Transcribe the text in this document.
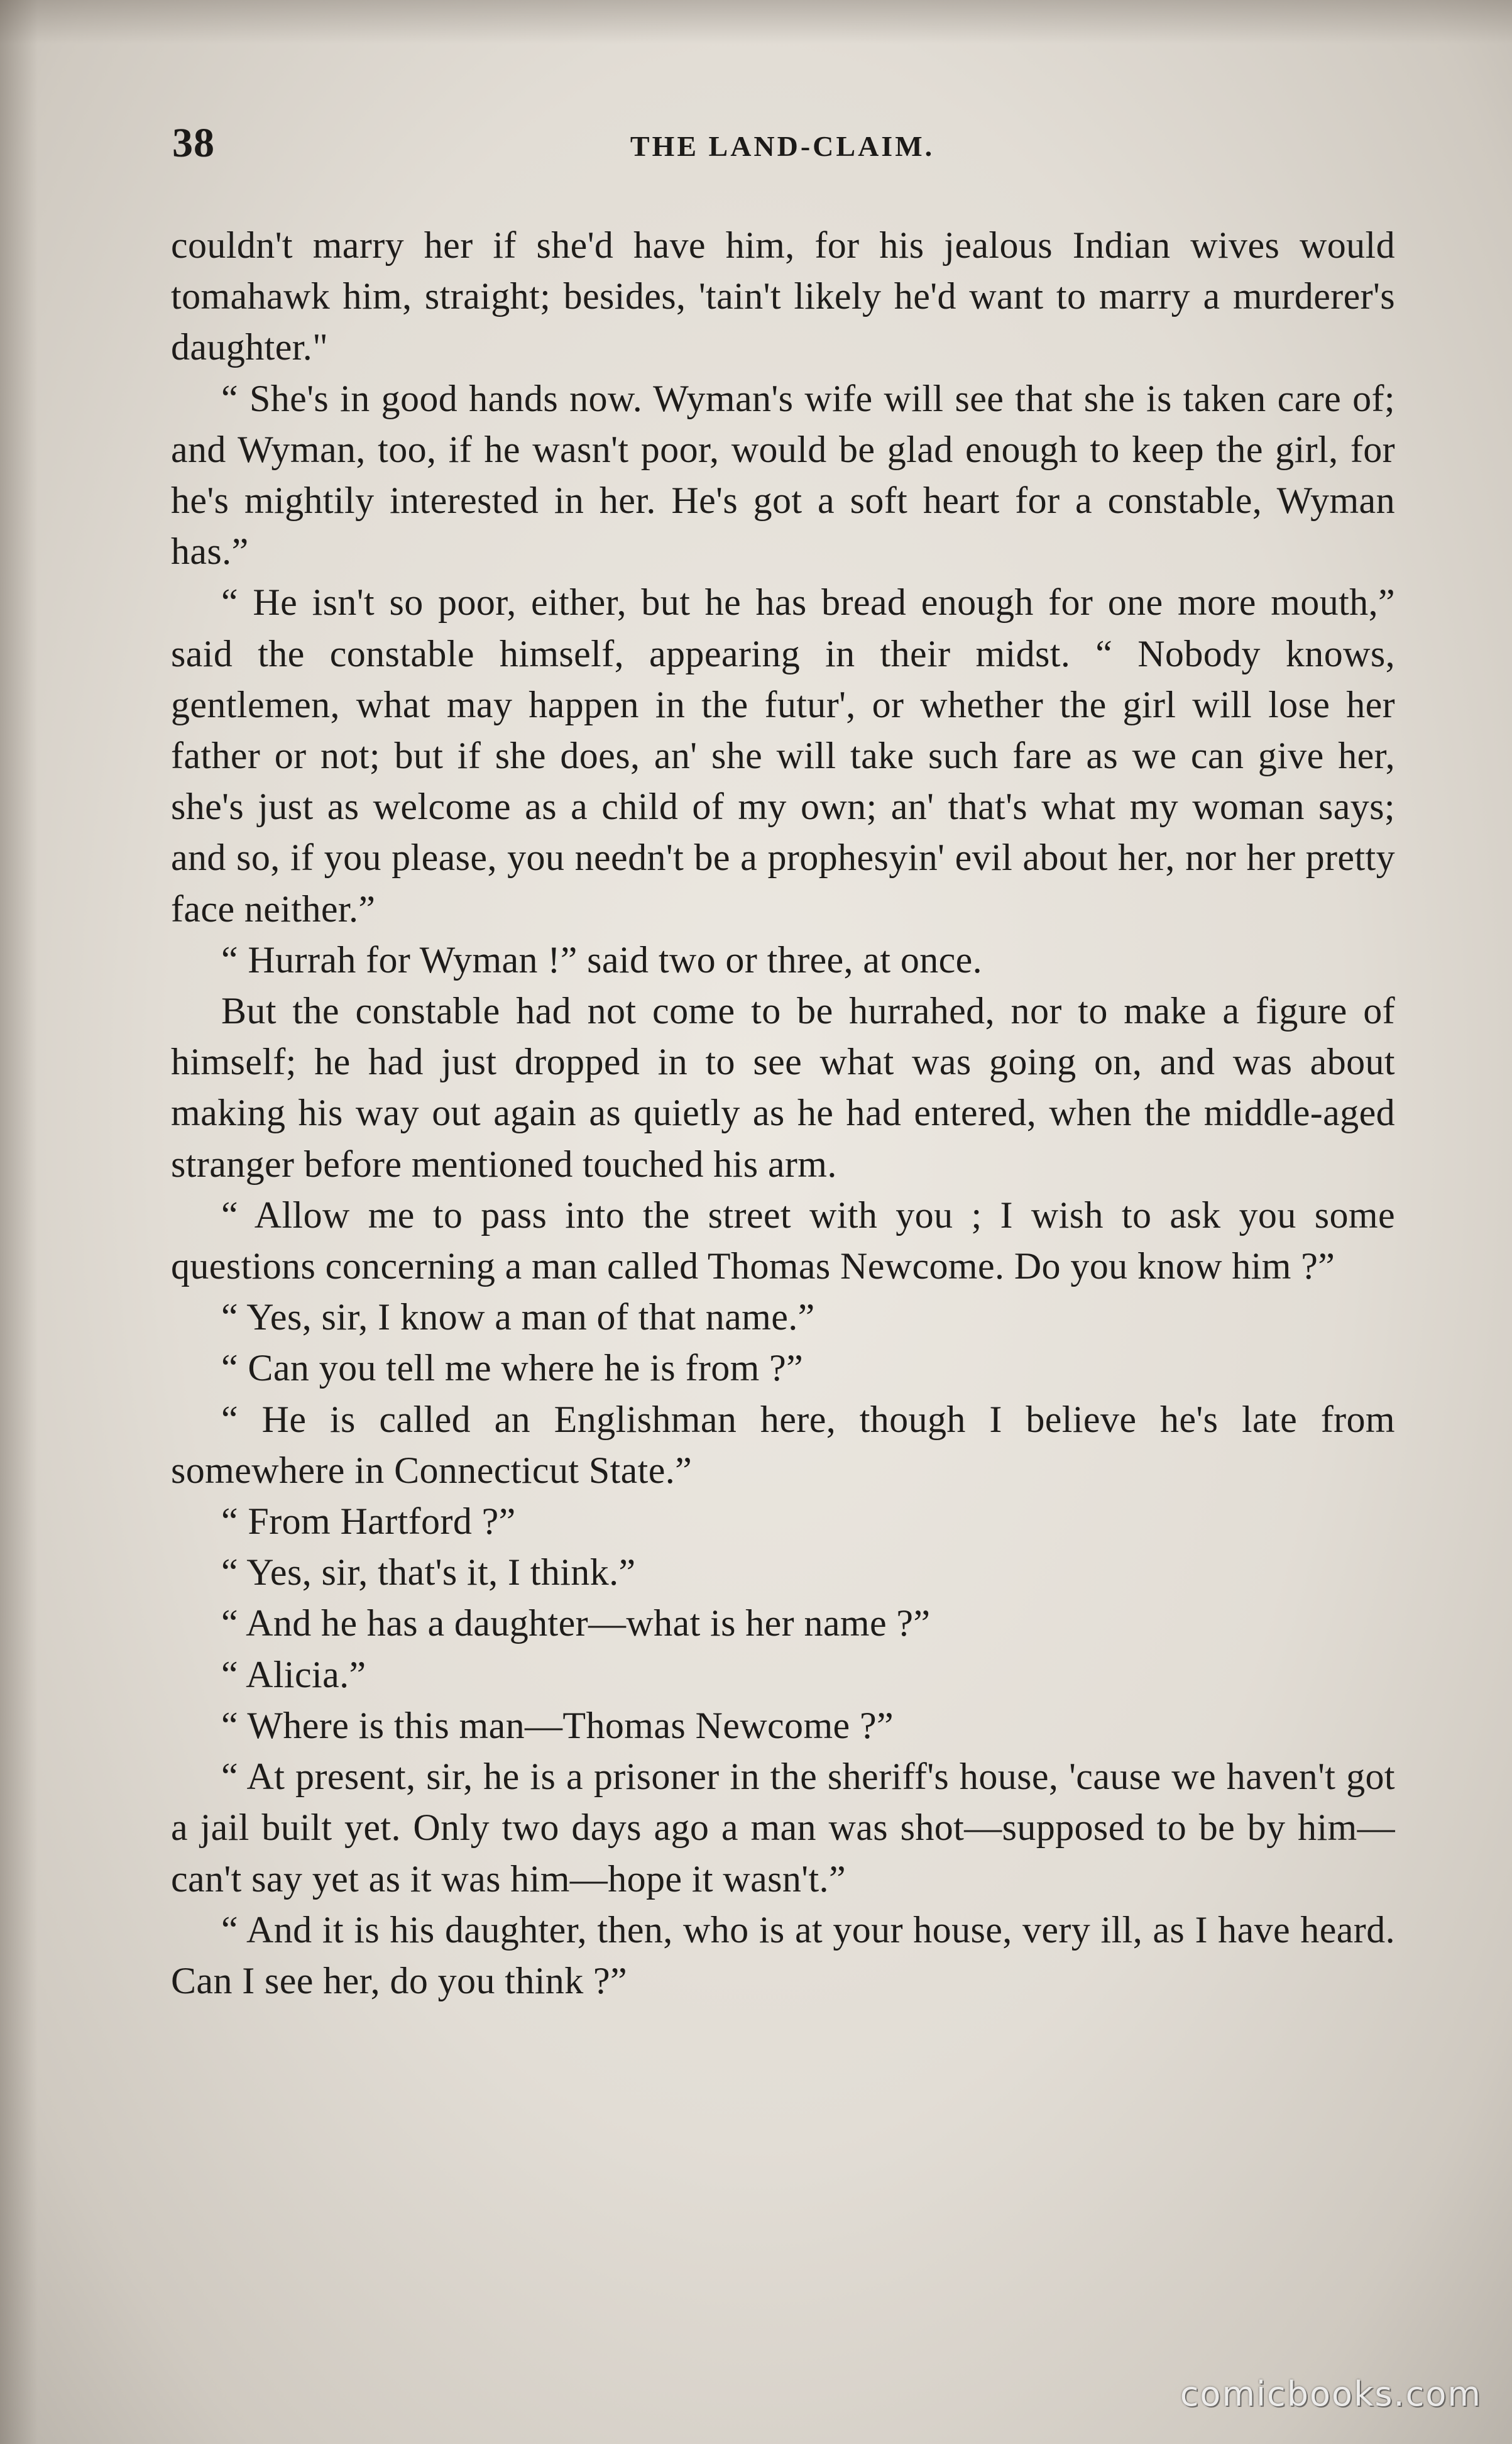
38	THE LAND-CLAIM.

couldn't marry her if she'd have him, for his jealous Indian wives would tomahawk him, straight; besides, 'tain't likely he'd want to marry a murderer's daughter."

“ She's in good hands now. Wyman's wife will see that she is taken care of; and Wyman, too, if he wasn't poor, would be glad enough to keep the girl, for he's mightily interested in her. He's got a soft heart for a constable, Wyman has.”

“ He isn't so poor, either, but he has bread enough for one more mouth,” said the constable himself, appearing in their midst. “ Nobody knows, gentlemen, what may happen in the futur', or whether the girl will lose her father or not; but if she does, an' she will take such fare as we can give her, she's just as welcome as a child of my own; an' that's what my woman says; and so, if you please, you needn't be a prophesyin' evil about her, nor her pretty face neither.”

“ Hurrah for Wyman !” said two or three, at once.

But the constable had not come to be hurrahed, nor to make a figure of himself; he had just dropped in to see what was going on, and was about making his way out again as quietly as he had entered, when the middle-aged stranger before mentioned touched his arm.

“ Allow me to pass into the street with you ; I wish to ask you some questions concerning a man called Thomas Newcome. Do you know him ?”

“ Yes, sir, I know a man of that name.”

“ Can you tell me where he is from ?”

“ He is called an Englishman here, though I believe he's late from somewhere in Connecticut State.”

“ From Hartford ?”

“ Yes, sir, that's it, I think.”

“ And he has a daughter—what is her name ?”

“ Alicia.”

“ Where is this man—Thomas Newcome ?”

“ At present, sir, he is a prisoner in the sheriff's house, 'cause we haven't got a jail built yet. Only two days ago a man was shot—supposed to be by him—can't say yet as it was him—hope it wasn't.”

“ And it is his daughter, then, who is at your house, very ill, as I have heard. Can I see her, do you think ?”

comicbooks.com
